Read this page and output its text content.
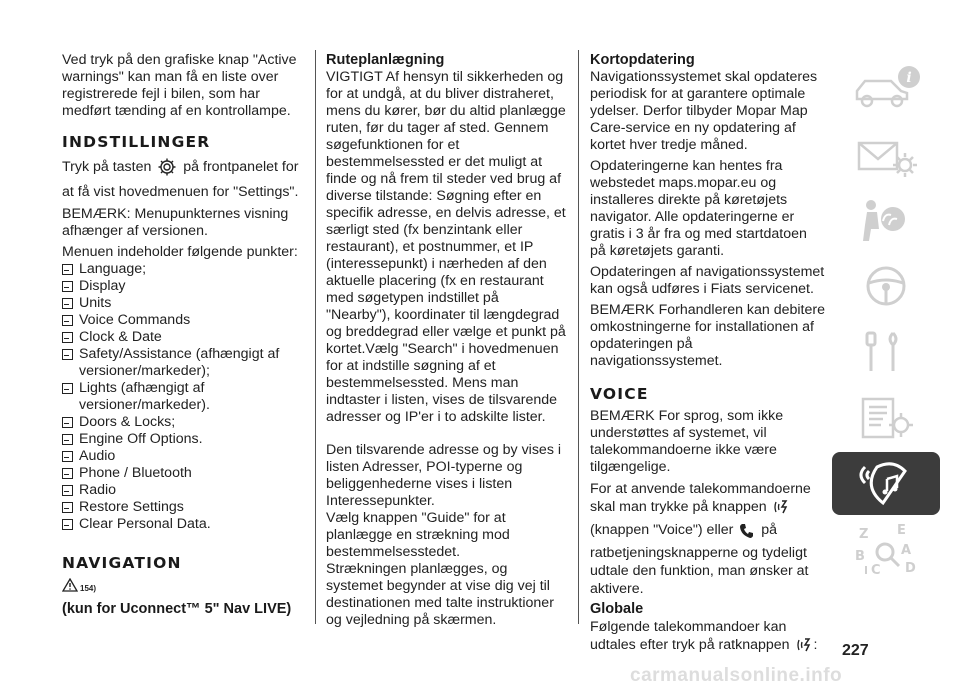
Ved tryk på den grafiske knap "Active warnings" kan man få en liste over registrerede fejl i bilen, som har medført tænding af en kontrollampe.

INDSTILLINGER

Tryk på tasten på frontpanelet for at få vist hovedmenuen for "Settings".

BEMÆRK: Menupunkternes visning afhænger af versionen.

Menuen indeholder følgende punkter:

Language;
Display
Units
Voice Commands
Clock & Date
Safety/Assistance (afhængigt af versioner/markeder);
Lights (afhængigt af versioner/markeder).
Doors & Locks;
Engine Off Options.
Audio
Phone / Bluetooth
Radio
Restore Settings
Clear Personal Data.

NAVIGATION

$_{154)}$

(kun for Uconnect™ 5" Nav LIVE)

Ruteplanlægning

VIGTIGT Af hensyn til sikkerheden og for at undgå, at du bliver distraheret, mens du kører, bør du altid planlægge ruten, før du tager af sted. Gennem søgefunktionen for et bestemmelsessted er det muligt at finde og nå frem til steder ved brug af diverse tilstande: Søgning efter en specifik adresse, en delvis adresse, et særligt sted (fx benzintank eller restaurant), et postnummer, et IP (interessepunkt) i nærheden af den aktuelle placering (fx en restaurant med søgetypen indstillet på "Nearby"), koordinater til længdegrad og breddegrad eller vælge et punkt på kortet.Vælg "Search" i hovedmenuen for at indstille søgning af et bestemmelsessted. Mens man indtaster i listen, vises de tilsvarende adresser og IP'er i to adskilte lister.

Den tilsvarende adresse og by vises i listen Adresser, POI-typerne og beliggenhederne vises i listen Interessepunkter.

Vælg knappen "Guide" for at planlægge en strækning mod bestemmelsesstedet.

Strækningen planlægges, og systemet begynder at vise dig vej til destinationen med talte instruktioner og vejledning på skærmen.

Kortopdatering

Navigationssystemet skal opdateres periodisk for at garantere optimale ydelser. Derfor tilbyder Mopar Map Care-service en ny opdatering af kortet hver tredje måned.

Opdateringerne kan hentes fra webstedet maps.mopar.eu og installeres direkte på køretøjets navigator. Alle opdateringerne er gratis i 3 år fra og med startdatoen på køretøjets garanti.

Opdateringen af navigationssystemet kan også udføres i Fiats servicenet.

BEMÆRK Forhandleren kan debitere omkostningerne for installationen af opdateringen på navigationssystemet.

VOICE

BEMÆRK For sprog, som ikke understøttes af systemet, vil talekommandoerne ikke være tilgængelige.

For at anvende talekommandoerne skal man trykke på knappen  (knappen "Voice") eller på ratbetjeningsknapperne og tydeligt udtale den funktion, man ønsker at aktivere.

Globale

Følgende talekommandoer kan udtales efter tryk på ratknappen :

i
Z E
A
B
C D
227
carmanualsonline.info
